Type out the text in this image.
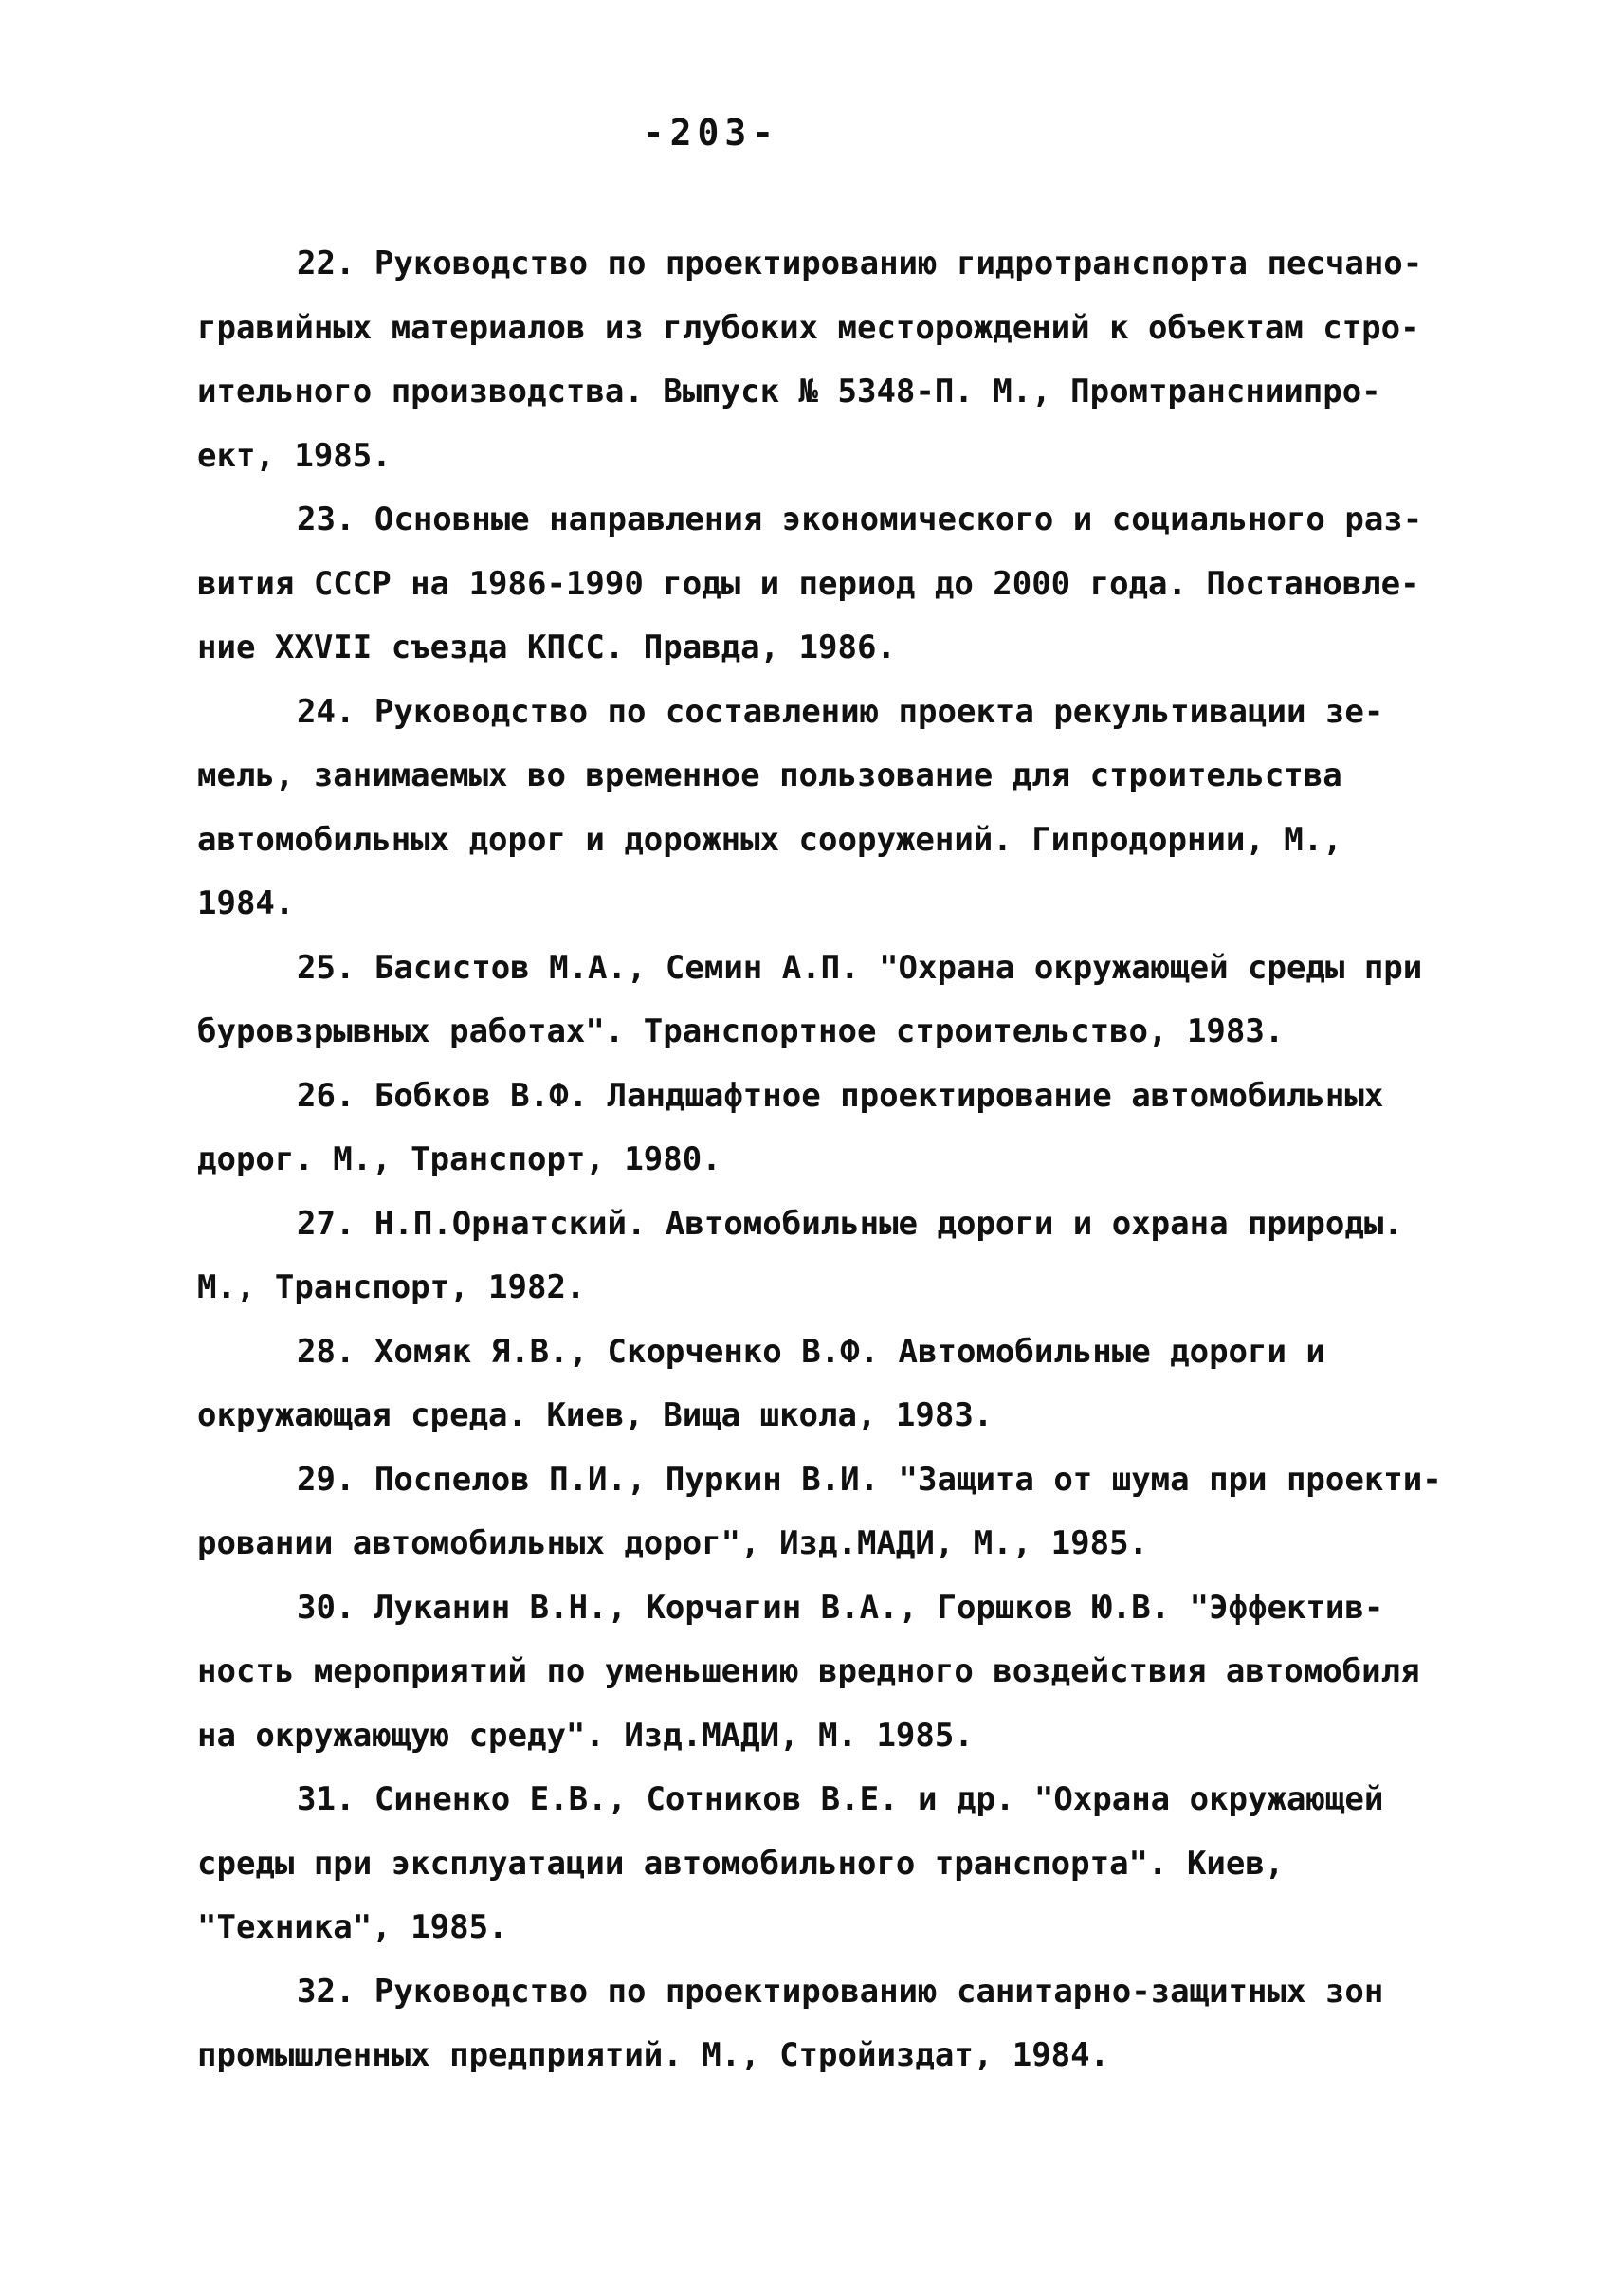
-203-
22. Руководство по проектированию гидротранспорта песчано-
гравийных материалов из глубоких месторождений к объектам стро-
ительного производства. Выпуск № 5348-П. М., Промтрансниипро-
ект, 1985.
23. Основные направления экономического и социального раз-
вития СССР на 1986-1990 годы и период до 2000 года. Постановле-
ние XXVII съезда КПСС. Правда, 1986.
24. Руководство по составлению проекта рекультивации зе-
мель, занимаемых во временное пользование для строительства
автомобильных дорог и дорожных сооружений. Гипродорнии, М.,
1984.
25. Басистов М.А., Семин А.П. "Охрана окружающей среды при
буровзрывных работах". Транспортное строительство, 1983.
26. Бобков В.Ф. Ландшафтное проектирование автомобильных
дорог. М., Транспорт, 1980.
27. Н.П.Орнатский. Автомобильные дороги и охрана природы.
М., Транспорт, 1982.
28. Хомяк Я.В., Скорченко В.Ф. Автомобильные дороги и
окружающая среда. Киев, Вища школа, 1983.
29. Поспелов П.И., Пуркин В.И. "Защита от шума при проекти-
ровании автомобильных дорог", Изд.МАДИ, М., 1985.
30. Луканин В.Н., Корчагин В.А., Горшков Ю.В. "Эффектив-
ность мероприятий по уменьшению вредного воздействия автомобиля
на окружающую среду". Изд.МАДИ, М. 1985.
31. Синенко Е.В., Сотников В.Е. и др. "Охрана окружающей
среды при эксплуатации автомобильного транспорта". Киев,
"Техника", 1985.
32. Руководство по проектированию санитарно-защитных зон
промышленных предприятий. М., Стройиздат, 1984.
